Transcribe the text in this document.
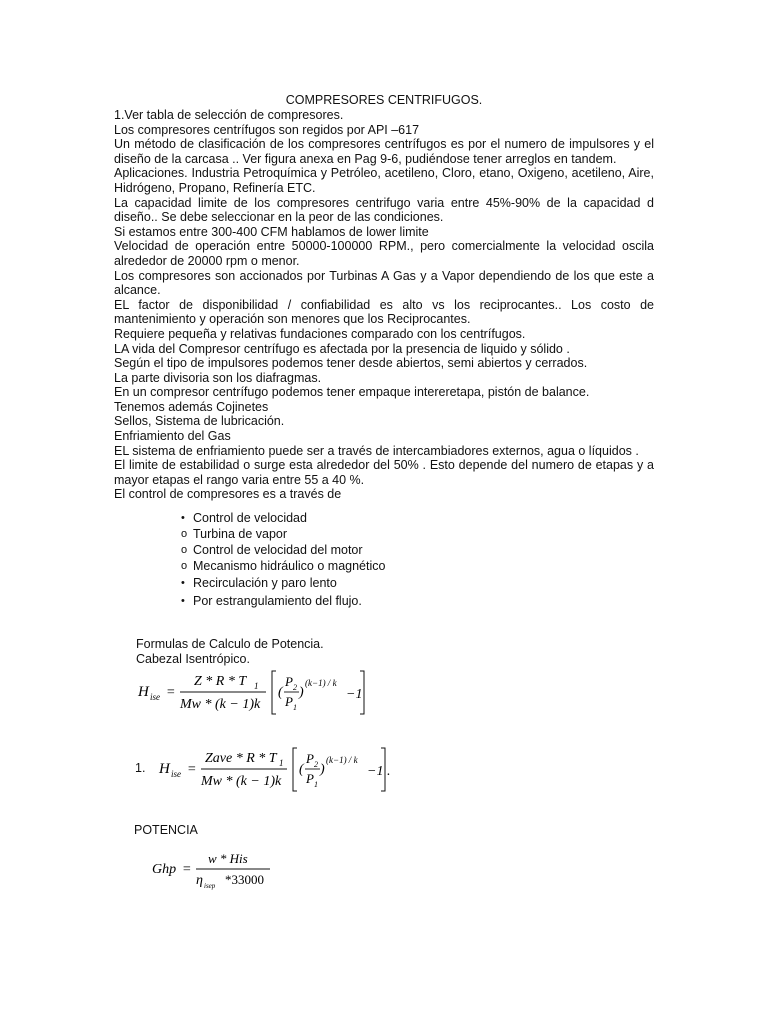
COMPRESORES CENTRIFUGOS.

1.Ver tabla de selección de compresores.

Los compresores centrífugos son regidos por API –617

Un método de clasificación de los compresores centrífugos es por el numero de impulsores y el diseño de la carcasa .. Ver figura anexa en Pag 9-6, pudiéndose tener arreglos en tandem.

Aplicaciones. Industria Petroquímica y Petróleo, acetileno, Cloro, etano, Oxigeno, acetileno, Aire, Hidrógeno, Propano, Refinería ETC.

La capacidad limite de los compresores centrifugo varia entre 45%-90% de la capacidad d diseño.. Se debe seleccionar en la peor de las condiciones.

Si estamos entre 300-400 CFM hablamos de lower limite

Velocidad de operación entre 50000-100000 RPM., pero comercialmente la velocidad oscila alrededor de 20000 rpm o menor.

Los compresores son accionados por Turbinas A Gas y a Vapor dependiendo de los que este a alcance.

EL factor de disponibilidad / confiabilidad es alto vs los reciprocantes.. Los costo de mantenimiento y operación son menores que los Reciprocantes.

Requiere pequeña y relativas fundaciones comparado con los centrífugos.

LA vida del Compresor centrífugo es afectada por la presencia de liquido y sólido .

Según el tipo de impulsores podemos tener desde abiertos, semi abiertos y cerrados.

La parte divisoria son los diafragmas.

En un compresor centrífugo podemos tener empaque intereretapa, pistón de balance.

Tenemos además Cojinetes

Sellos, Sistema de lubricación.

Enfriamiento del Gas

EL sistema de enfriamiento puede ser a través de intercambiadores externos, agua o líquidos .

El limite de estabilidad o surge esta alrededor del 50% . Esto depende del numero de etapas y a mayor etapas el rango varia entre 55 a 40 %.

El control de compresores es a través de

• Control de velocidad
o Turbina de vapor
o Control de velocidad del motor
o Mecanismo hidráulico o magnético
• Recirculación y paro lento
• Por estrangulamiento del flujo.
Formulas de Calculo de Potencia.
Cabezal Isentrópico.
H ise =
Z * R * T 1
Mw * (k − 1)k
(
P 2
P 1
)
(k−1) / k
−1
1. H ise =
Zave * R * T 1
Mw * (k − 1)k
(
P 2
P 1
)
(k−1) / k
−1 .
POTENCIA
Ghp =
w * His
η isep *33000
